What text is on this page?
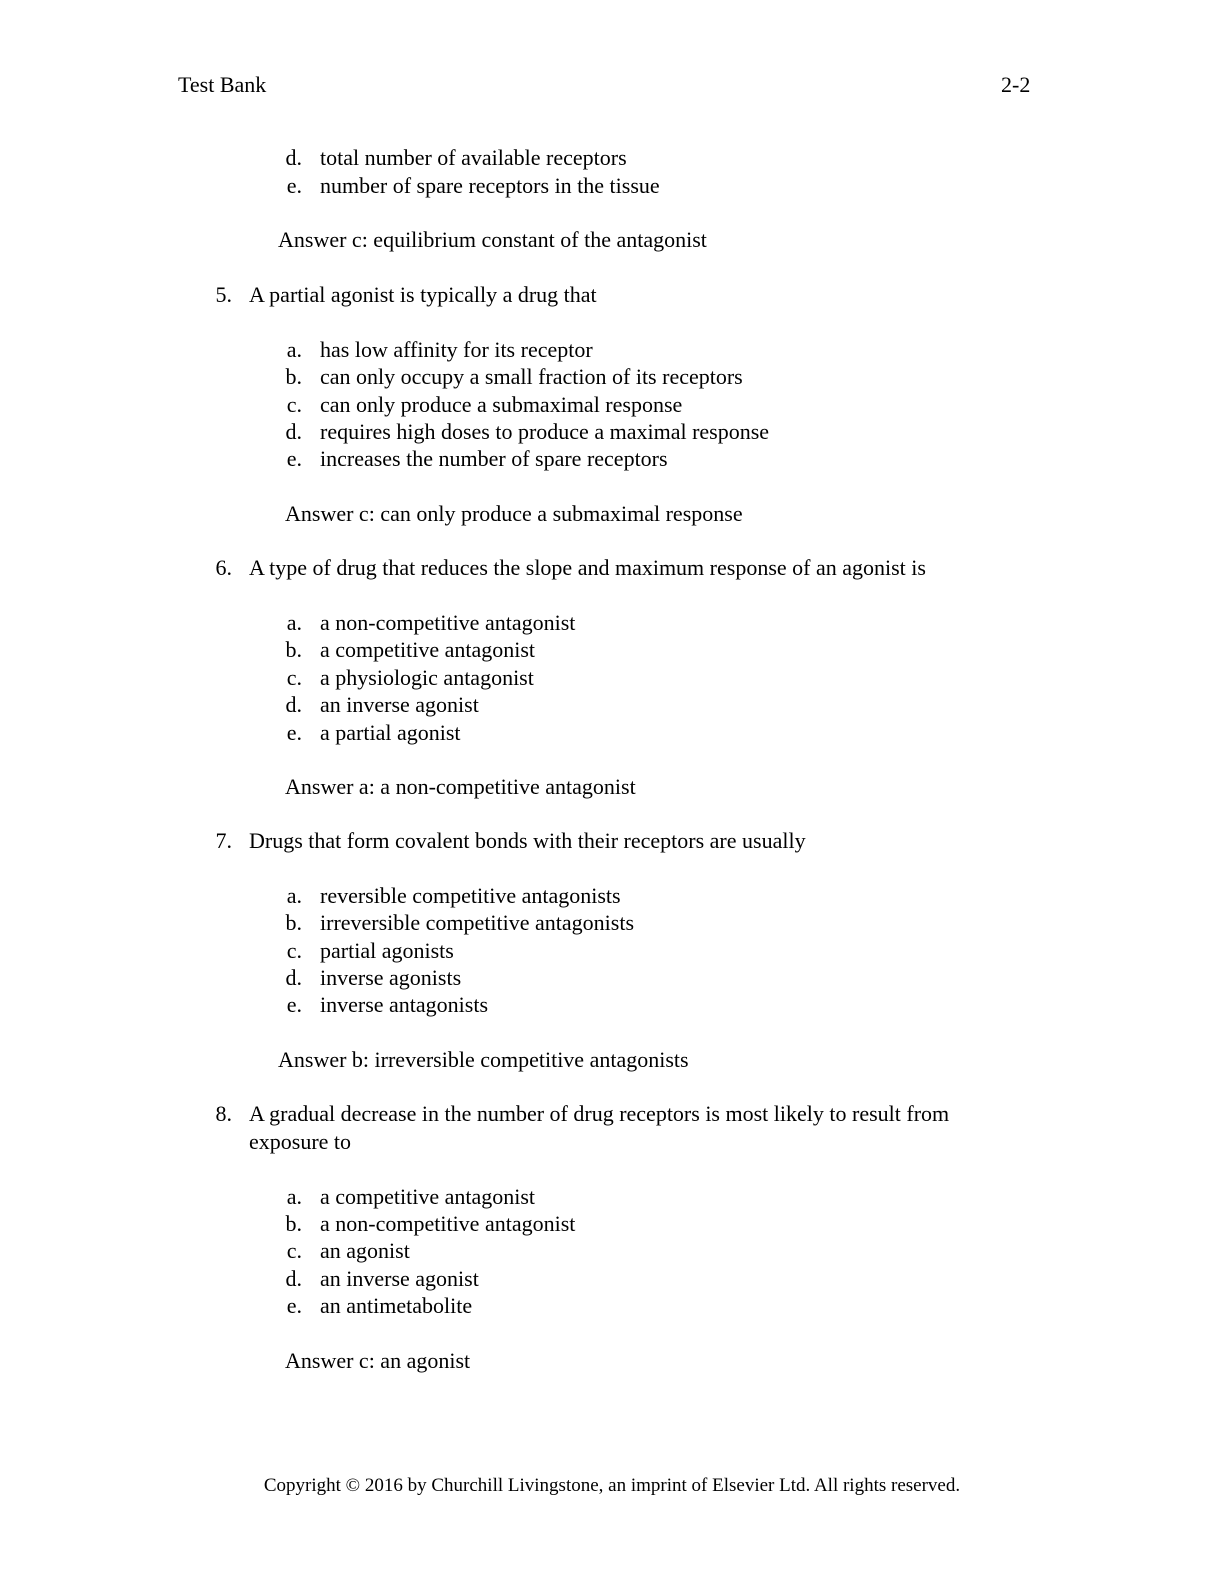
Test Bank	2-2
d. total number of available receptors
e. number of spare receptors in the tissue
Answer c: equilibrium constant of the antagonist
5. A partial agonist is typically a drug that
a. has low affinity for its receptor
b. can only occupy a small fraction of its receptors
c. can only produce a submaximal response
d. requires high doses to produce a maximal response
e. increases the number of spare receptors
Answer c: can only produce a submaximal response
6. A type of drug that reduces the slope and maximum response of an agonist is
a. a non-competitive antagonist
b. a competitive antagonist
c. a physiologic antagonist
d. an inverse agonist
e. a partial agonist
Answer a: a non-competitive antagonist
7. Drugs that form covalent bonds with their receptors are usually
a. reversible competitive antagonists
b. irreversible competitive antagonists
c. partial agonists
d. inverse agonists
e. inverse antagonists
Answer b: irreversible competitive antagonists
8. A gradual decrease in the number of drug receptors is most likely to result from
exposure to
a. a competitive antagonist
b. a non-competitive antagonist
c. an agonist
d. an inverse agonist
e. an antimetabolite
Answer c: an agonist
Copyright © 2016 by Churchill Livingstone, an imprint of Elsevier Ltd. All rights reserved.
